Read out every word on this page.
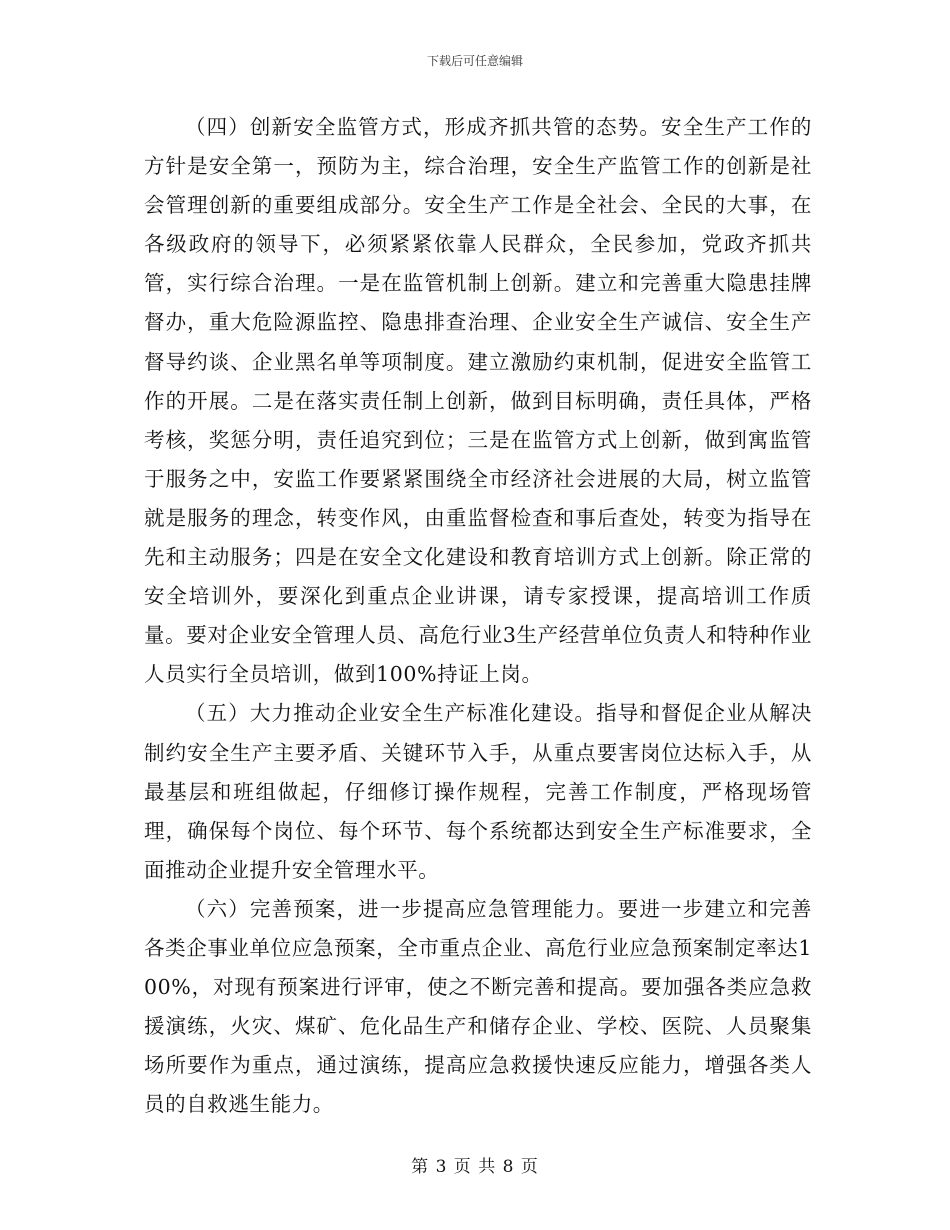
下载后可任意编辑

（四）创新安全监管方式，形成齐抓共管的态势。安全生产工作的方针是安全第一，预防为主，综合治理，安全生产监管工作的创新是社会管理创新的重要组成部分。安全生产工作是全社会、全民的大事，在各级政府的领导下，必须紧紧依靠人民群众，全民参加，党政齐抓共管，实行综合治理。一是在监管机制上创新。建立和完善重大隐患挂牌督办，重大危险源监控、隐患排查治理、企业安全生产诚信、安全生产督导约谈、企业黑名单等项制度。建立激励约束机制，促进安全监管工作的开展。二是在落实责任制上创新，做到目标明确，责任具体，严格考核，奖惩分明，责任追究到位；三是在监管方式上创新，做到寓监管于服务之中，安监工作要紧紧围绕全市经济社会进展的大局，树立监管就是服务的理念，转变作风，由重监督检查和事后查处，转变为指导在先和主动服务；四是在安全文化建设和教育培训方式上创新。除正常的安全培训外，要深化到重点企业讲课，请专家授课，提高培训工作质量。要对企业安全管理人员、高危行业3生产经营单位负责人和特种作业人员实行全员培训，做到100%持证上岗。

（五）大力推动企业安全生产标准化建设。指导和督促企业从解决制约安全生产主要矛盾、关键环节入手，从重点要害岗位达标入手，从最基层和班组做起，仔细修订操作规程，完善工作制度，严格现场管理，确保每个岗位、每个环节、每个系统都达到安全生产标准要求，全面推动企业提升安全管理水平。

（六）完善预案，进一步提高应急管理能力。要进一步建立和完善各类企事业单位应急预案，全市重点企业、高危行业应急预案制定率达100%，对现有预案进行评审，使之不断完善和提高。要加强各类应急救援演练，火灾、煤矿、危化品生产和储存企业、学校、医院、人员聚集场所要作为重点，通过演练，提高应急救援快速反应能力，增强各类人员的自救逃生能力。

第 3 页 共 8 页
